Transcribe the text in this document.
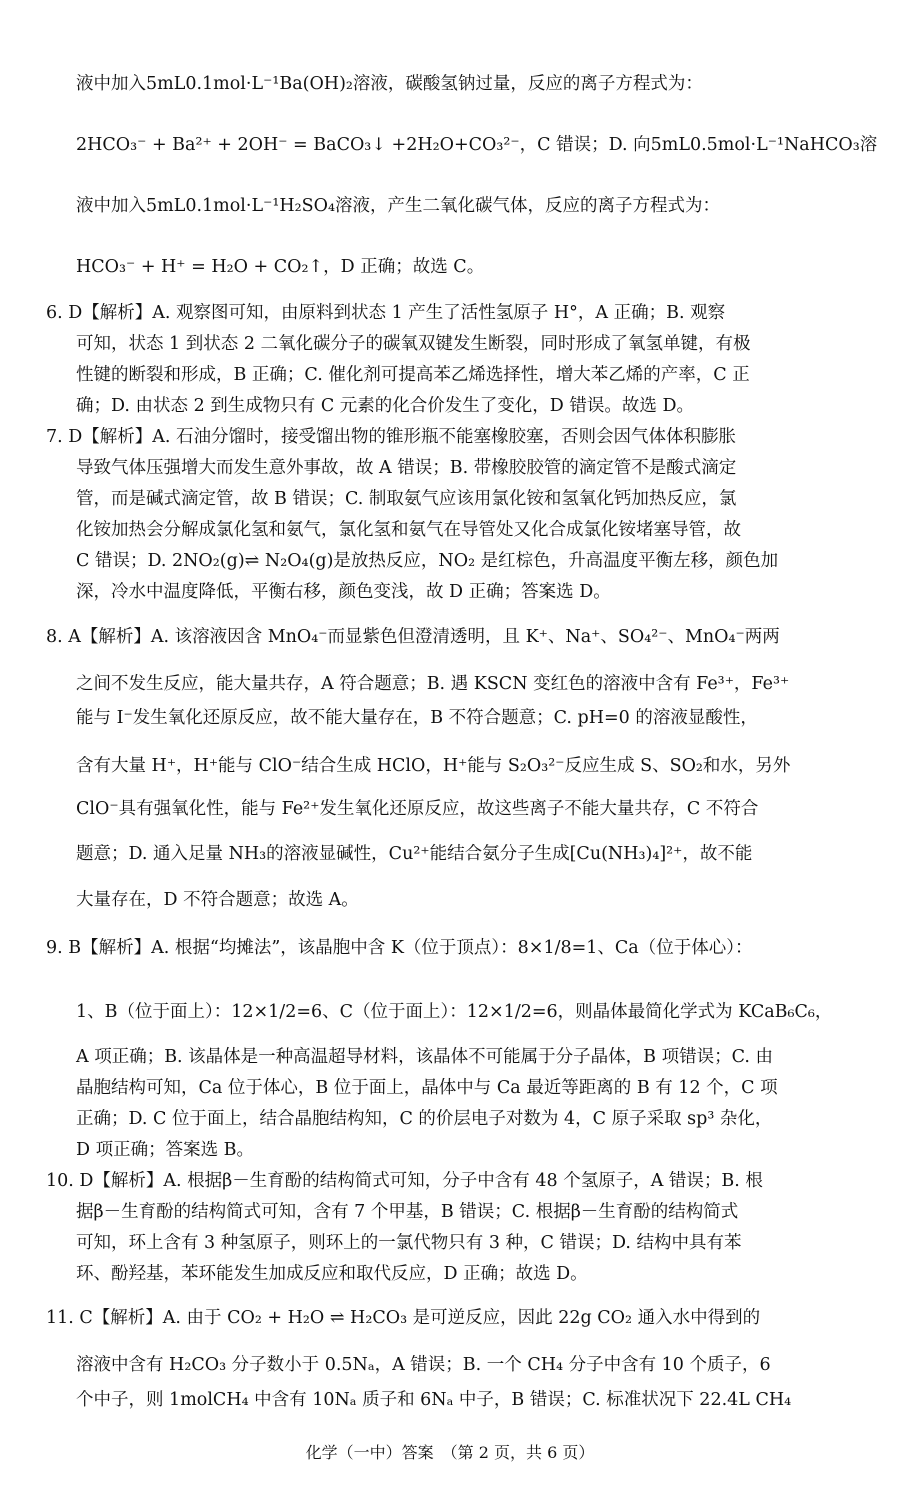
液中加入5mL0.1mol·L⁻¹Ba(OH)₂溶液，碳酸氢钠过量，反应的离子方程式为：
2HCO₃⁻ + Ba²⁺ + 2OH⁻ = BaCO₃↓ +2H₂O+CO₃²⁻，C 错误；D. 向5mL0.5mol·L⁻¹NaHCO₃溶
液中加入5mL0.1mol·L⁻¹H₂SO₄溶液，产生二氧化碳气体，反应的离子方程式为：
HCO₃⁻ + H⁺ = H₂O + CO₂↑，D 正确；故选 C。
6. D【解析】A. 观察图可知，由原料到状态 1 产生了活性氢原子 H°，A 正确；B. 观察
可知，状态 1 到状态 2 二氧化碳分子的碳氧双键发生断裂，同时形成了氧氢单键，有极
性键的断裂和形成，B 正确；C. 催化剂可提高苯乙烯选择性，增大苯乙烯的产率，C 正
确；D. 由状态 2 到生成物只有 C 元素的化合价发生了变化，D 错误。故选 D。
7. D【解析】A. 石油分馏时，接受馏出物的锥形瓶不能塞橡胶塞，否则会因气体体积膨胀
导致气体压强增大而发生意外事故，故 A 错误；B. 带橡胶胶管的滴定管不是酸式滴定
管，而是碱式滴定管，故 B 错误；C. 制取氨气应该用氯化铵和氢氧化钙加热反应，氯
化铵加热会分解成氯化氢和氨气，氯化氢和氨气在导管处又化合成氯化铵堵塞导管，故
C 错误；D. 2NO₂(g)⇌ N₂O₄(g)是放热反应，NO₂ 是红棕色，升高温度平衡左移，颜色加
深，冷水中温度降低，平衡右移，颜色变浅，故 D 正确；答案选 D。
8. A【解析】A. 该溶液因含 MnO₄⁻而显紫色但澄清透明，且 K⁺、Na⁺、SO₄²⁻、MnO₄⁻两两
之间不发生反应，能大量共存，A 符合题意；B. 遇 KSCN 变红色的溶液中含有 Fe³⁺，Fe³⁺
能与 I⁻发生氧化还原反应，故不能大量存在，B 不符合题意；C. pH=0 的溶液显酸性，
含有大量 H⁺，H⁺能与 ClO⁻结合生成 HClO，H⁺能与 S₂O₃²⁻反应生成 S、SO₂和水，另外
ClO⁻具有强氧化性，能与 Fe²⁺发生氧化还原反应，故这些离子不能大量共存，C 不符合
题意；D. 通入足量 NH₃的溶液显碱性，Cu²⁺能结合氨分子生成[Cu(NH₃)₄]²⁺，故不能
大量存在，D 不符合题意；故选 A。
9. B【解析】A. 根据“均摊法”，该晶胞中含 K（位于顶点）：8×1/8=1、Ca（位于体心）：
1、B（位于面上）：12×1/2=6、C（位于面上）：12×1/2=6，则晶体最简化学式为 KCaB₆C₆，
A 项正确；B. 该晶体是一种高温超导材料，该晶体不可能属于分子晶体，B 项错误；C. 由
晶胞结构可知，Ca 位于体心，B 位于面上，晶体中与 Ca 最近等距离的 B 有 12 个，C 项
正确；D. C 位于面上，结合晶胞结构知，C 的价层电子对数为 4，C 原子采取 sp³ 杂化，
D 项正确；答案选 B。
10. D【解析】A. 根据β－生育酚的结构简式可知，分子中含有 48 个氢原子，A 错误；B. 根
据β－生育酚的结构简式可知，含有 7 个甲基，B 错误；C. 根据β－生育酚的结构简式
可知，环上含有 3 种氢原子，则环上的一氯代物只有 3 种，C 错误；D. 结构中具有苯
环、酚羟基，苯环能发生加成反应和取代反应，D 正确；故选 D。
11. C【解析】A. 由于 CO₂ + H₂O ⇌ H₂CO₃ 是可逆反应，因此 22g CO₂ 通入水中得到的
溶液中含有 H₂CO₃ 分子数小于 0.5Nₐ，A 错误；B. 一个 CH₄ 分子中含有 10 个质子，6
个中子，则 1molCH₄ 中含有 10Nₐ 质子和 6Nₐ 中子，B 错误；C. 标准状况下 22.4L CH₄
化学（一中）答案　（第 2 页，共 6 页）
